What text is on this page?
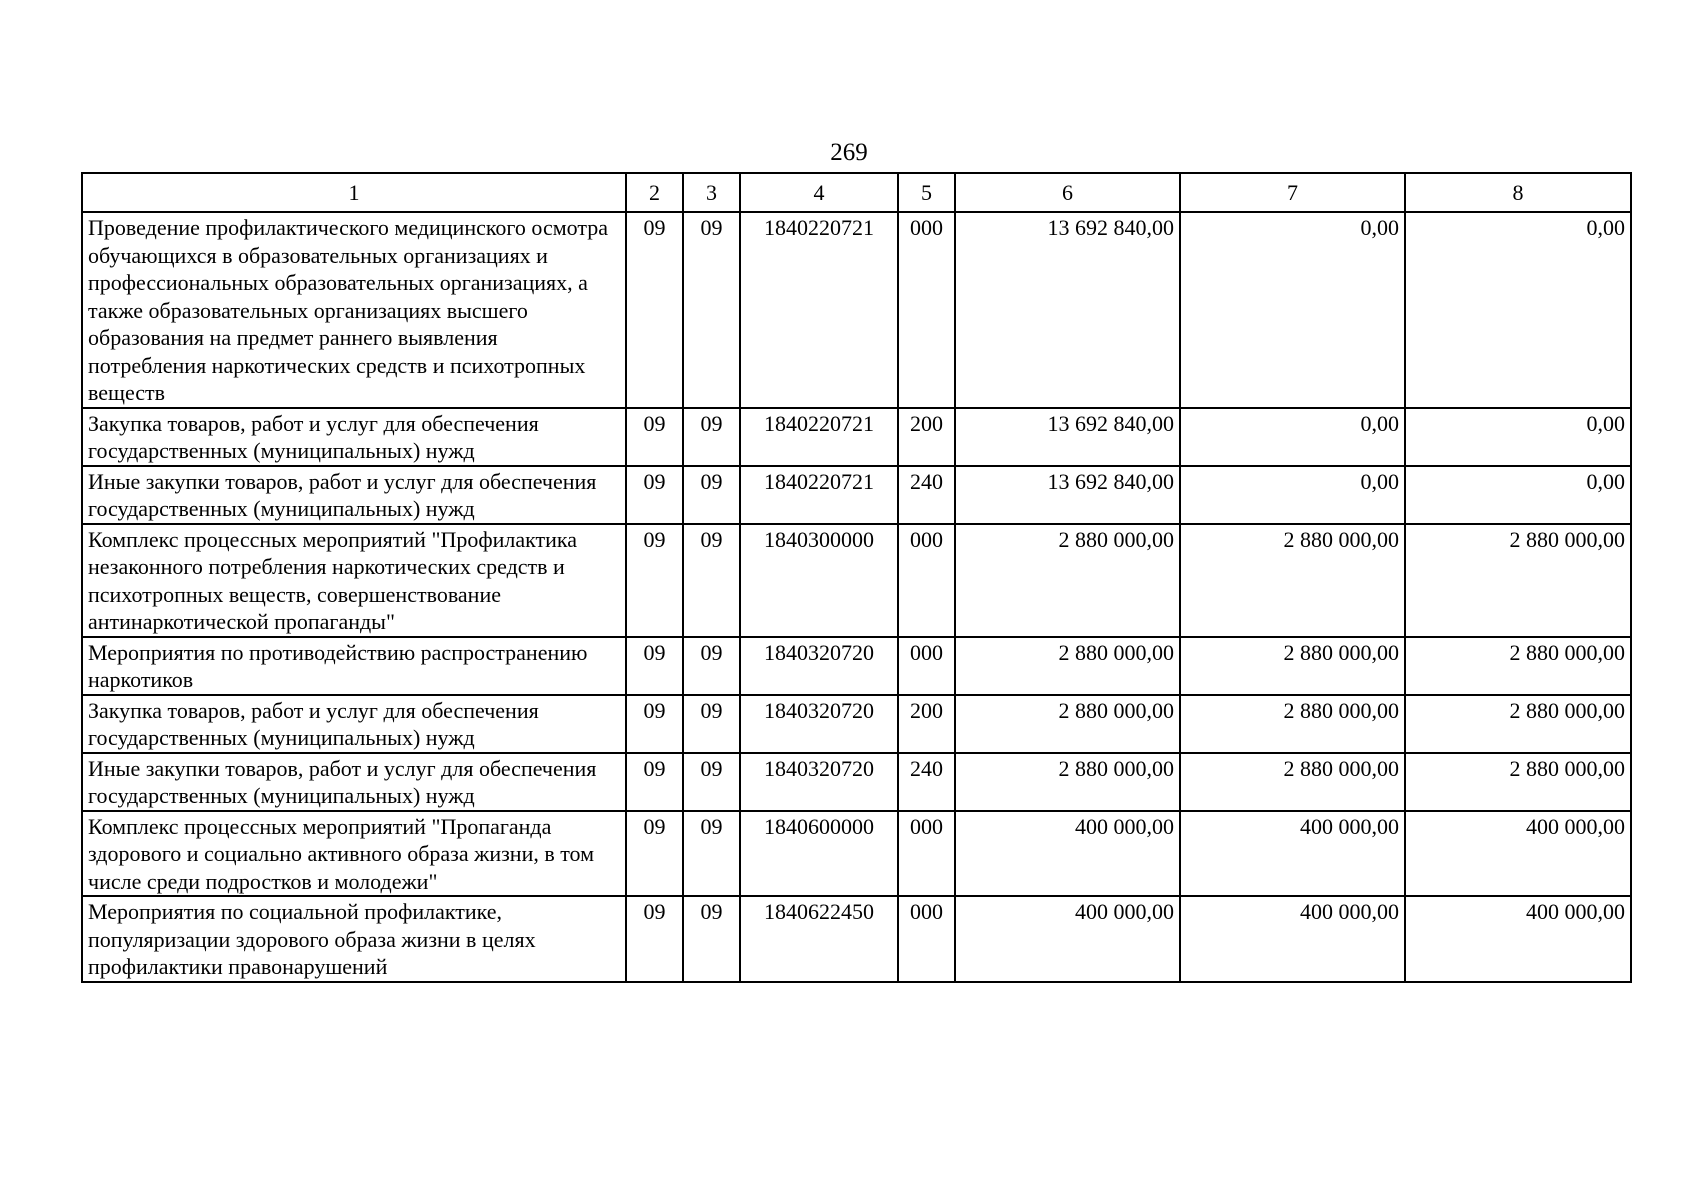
269
1	2	3	4	5	6	7	8
Проведение профилактического медицинского осмотра обучающихся в образовательных организациях и профессиональных образовательных организациях, а также образовательных организациях высшего образования на предмет раннего выявления потребления наркотических средств и психотропных веществ	09	09	1840220721	000	13 692 840,00	0,00	0,00
Закупка товаров, работ и услуг для обеспечения государственных (муниципальных) нужд	09	09	1840220721	200	13 692 840,00	0,00	0,00
Иные закупки товаров, работ и услуг для обеспечения государственных (муниципальных) нужд	09	09	1840220721	240	13 692 840,00	0,00	0,00
Комплекс процессных мероприятий "Профилактика незаконного потребления наркотических средств и психотропных веществ, совершенствование антинаркотической пропаганды"	09	09	1840300000	000	2 880 000,00	2 880 000,00	2 880 000,00
Мероприятия по противодействию распространению наркотиков	09	09	1840320720	000	2 880 000,00	2 880 000,00	2 880 000,00
Закупка товаров, работ и услуг для обеспечения государственных (муниципальных) нужд	09	09	1840320720	200	2 880 000,00	2 880 000,00	2 880 000,00
Иные закупки товаров, работ и услуг для обеспечения государственных (муниципальных) нужд	09	09	1840320720	240	2 880 000,00	2 880 000,00	2 880 000,00
Комплекс процессных мероприятий "Пропаганда здорового и социально активного образа жизни, в том числе среди подростков и молодежи"	09	09	1840600000	000	400 000,00	400 000,00	400 000,00
Мероприятия по социальной профилактике, популяризации здорового образа жизни в целях профилактики правонарушений	09	09	1840622450	000	400 000,00	400 000,00	400 000,00
